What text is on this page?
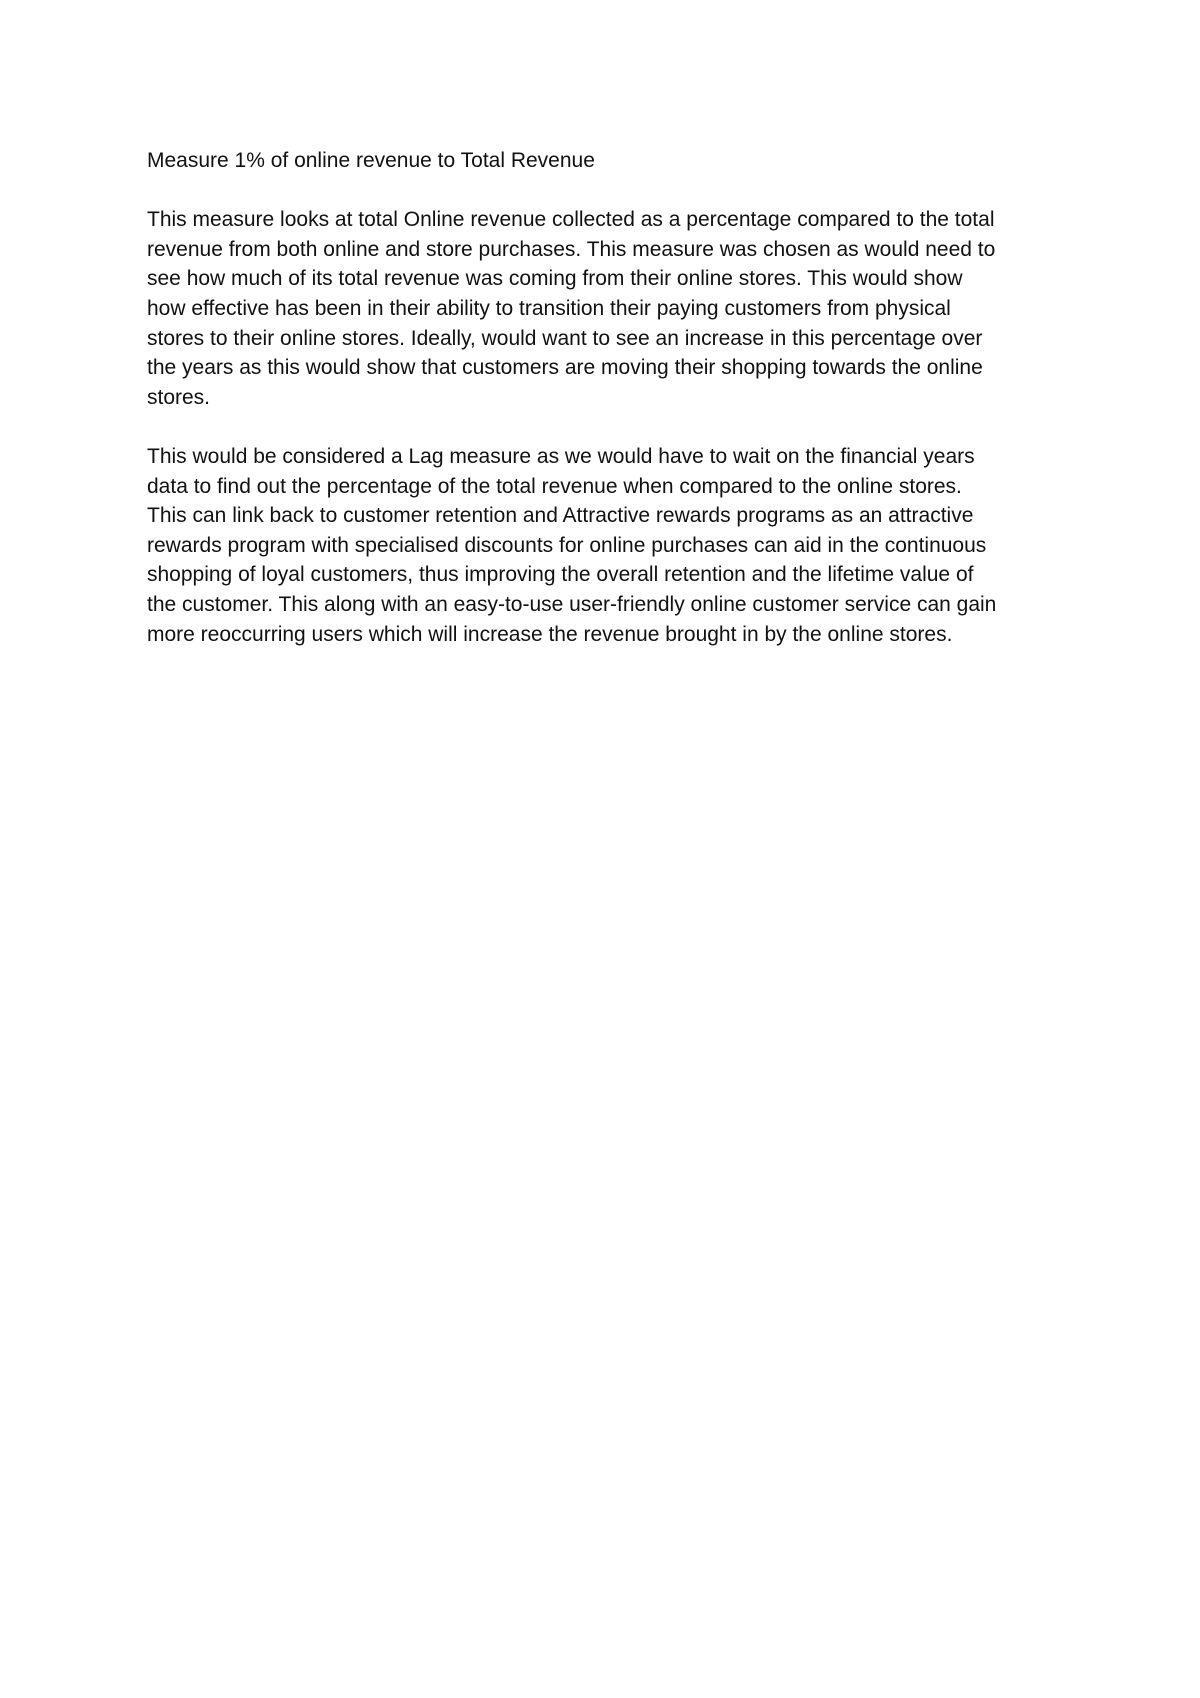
Measure 1% of online revenue to Total Revenue

This measure looks at total Online revenue collected as a percentage compared to the total
revenue from both online and store purchases. This measure was chosen as would need to
see how much of its total revenue was coming from their online stores. This would show
how effective has been in their ability to transition their paying customers from physical
stores to their online stores. Ideally, would want to see an increase in this percentage over
the years as this would show that customers are moving their shopping towards the online
stores.

This would be considered a Lag measure as we would have to wait on the financial years
data to find out the percentage of the total revenue when compared to the online stores.
This can link back to customer retention and Attractive rewards programs as an attractive
rewards program with specialised discounts for online purchases can aid in the continuous
shopping of loyal customers, thus improving the overall retention and the lifetime value of
the customer. This along with an easy-to-use user-friendly online customer service can gain
more reoccurring users which will increase the revenue brought in by the online stores.
